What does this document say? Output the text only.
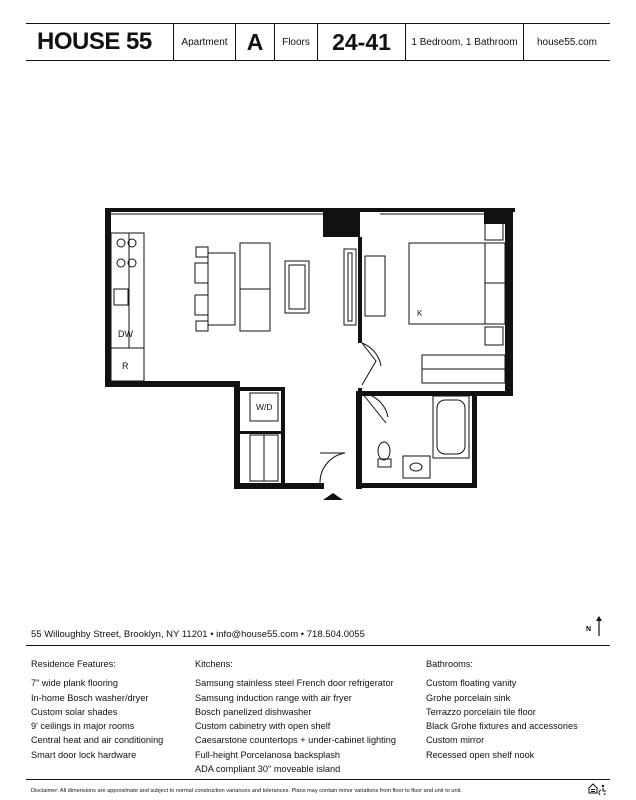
HOUSE 55	Apartment A	Floors 24-41	1 Bedroom, 1 Bathroom	house55.com
DW
R
W/D
K
55 Willoughby Street, Brooklyn, NY 11201 • info@house55.com • 718.504.0055	N
Residence Features:
7" wide plank flooring
In-home Bosch washer/dryer
Custom solar shades
9' ceilings in major rooms
Central heat and air conditioning
Smart door lock hardware
Kitchens:
Samsung stainless steel French door refrigerator
Samsung induction range with air fryer
Bosch panelized dishwasher
Custom cabinetry with open shelf
Caesarstone countertops + under-cabinet lighting
Full-height Porcelanosa backsplash
ADA compliant 30" moveable island
Bathrooms:
Custom floating vanity
Grohe porcelain sink
Terrazzo porcelain tile floor
Black Grohe fixtures and accessories
Custom mirror
Recessed open shelf nook
Disclaimer: All dimensions are approximate and subject to normal construction variances and tolerances. Plans may contain minor variations from floor to floor and unit to unit.
